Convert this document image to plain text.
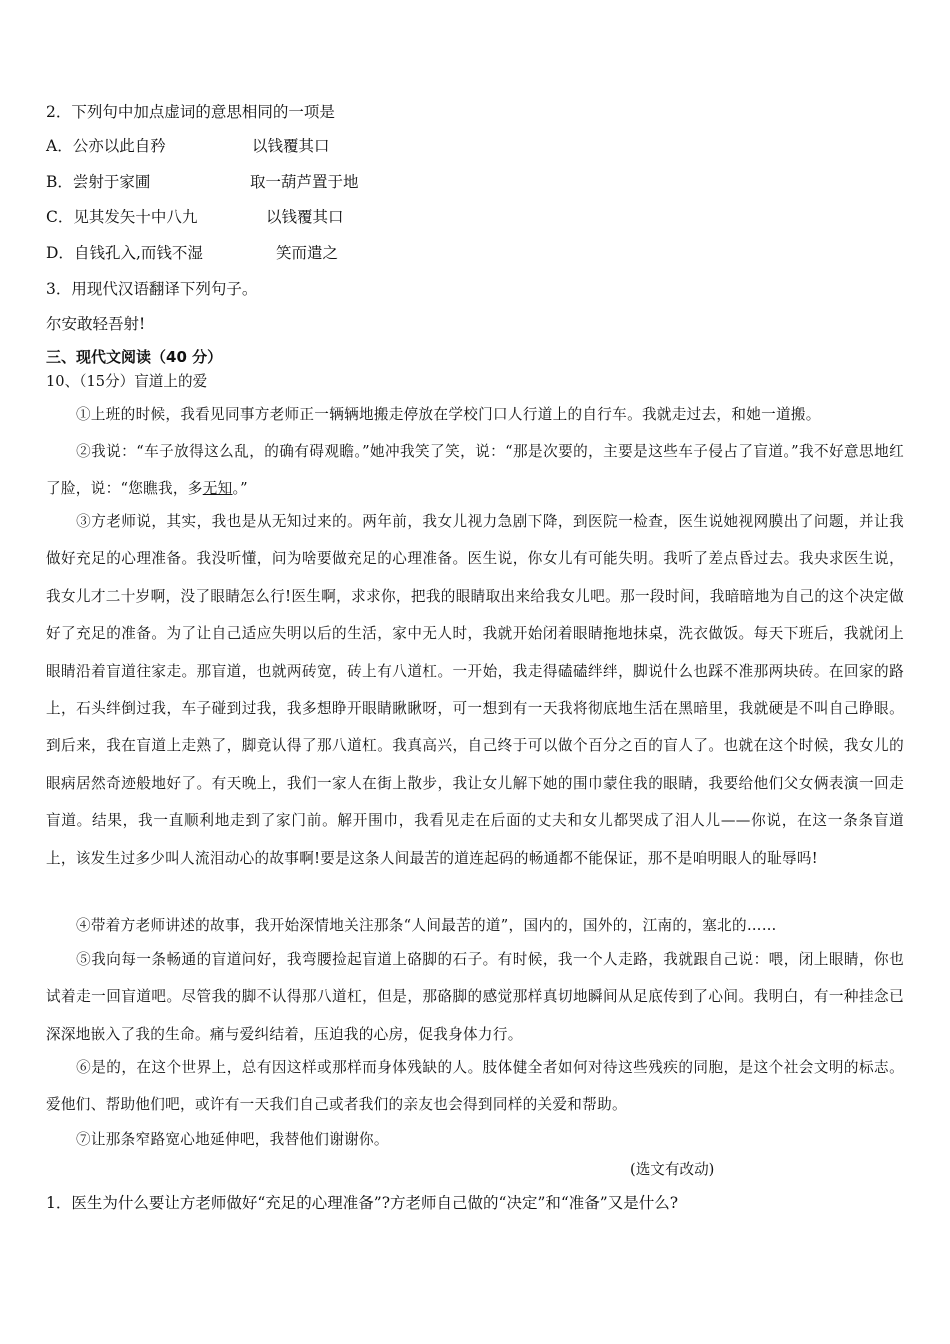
2．下列句中加点虚词的意思相同的一项是
A．公亦以此自矜	以钱覆其口
B．尝射于家圃	取一葫芦置于地
C．见其发矢十中八九	以钱覆其口
D．自钱孔入,而钱不湿	笑而遣之
3．用现代汉语翻译下列句子。
尔安敢轻吾射!
三、现代文阅读（40 分）
10、（15分）盲道上的爱
①上班的时候，我看见同事方老师正一辆辆地搬走停放在学校门口人行道上的自行车。我就走过去，和她一道搬。
②我说：“车子放得这么乱，的确有碍观瞻。”她冲我笑了笑，说：“那是次要的，主要是这些车子侵占了盲道。”我不好意思地红了脸，说：“您瞧我，多无知。”
③方老师说，其实，我也是从无知过来的。两年前，我女儿视力急剧下降，到医院一检查，医生说她视网膜出了问题，并让我做好充足的心理准备。我没听懂，问为啥要做充足的心理准备。医生说，你女儿有可能失明。我听了差点昏过去。我央求医生说，我女儿才二十岁啊，没了眼睛怎么行!医生啊，求求你，把我的眼睛取出来给我女儿吧。那一段时间，我暗暗地为自己的这个决定做好了充足的准备。为了让自己适应失明以后的生活，家中无人时，我就开始闭着眼睛拖地抹桌，洗衣做饭。每天下班后，我就闭上眼睛沿着盲道往家走。那盲道，也就两砖宽，砖上有八道杠。一开始，我走得磕磕绊绊，脚说什么也踩不准那两块砖。在回家的路上，石头绊倒过我，车子碰到过我，我多想睁开眼睛瞅瞅呀，可一想到有一天我将彻底地生活在黑暗里，我就硬是不叫自己睁眼。到后来，我在盲道上走熟了，脚竟认得了那八道杠。我真高兴，自己终于可以做个百分之百的盲人了。也就在这个时候，我女儿的眼病居然奇迹般地好了。有天晚上，我们一家人在街上散步，我让女儿解下她的围巾蒙住我的眼睛，我要给他们父女俩表演一回走盲道。结果，我一直顺利地走到了家门前。解开围巾，我看见走在后面的丈夫和女儿都哭成了泪人儿——你说，在这一条条盲道上，该发生过多少叫人流泪动心的故事啊!要是这条人间最苦的道连起码的畅通都不能保证，那不是咱明眼人的耻辱吗!
④带着方老师讲述的故事，我开始深情地关注那条“人间最苦的道”，国内的，国外的，江南的，塞北的……
⑤我向每一条畅通的盲道问好，我弯腰捡起盲道上硌脚的石子。有时候，我一个人走路，我就跟自己说：喂，闭上眼睛，你也试着走一回盲道吧。尽管我的脚不认得那八道杠，但是，那硌脚的感觉那样真切地瞬间从足底传到了心间。我明白，有一种挂念已深深地嵌入了我的生命。痛与爱纠结着，压迫我的心房，促我身体力行。
⑥是的，在这个世界上，总有因这样或那样而身体残缺的人。肢体健全者如何对待这些残疾的同胞，是这个社会文明的标志。爱他们、帮助他们吧，或许有一天我们自己或者我们的亲友也会得到同样的关爱和帮助。
⑦让那条窄路宽心地延伸吧，我替他们谢谢你。
(选文有改动)
1．医生为什么要让方老师做好“充足的心理准备”?方老师自己做的“决定”和“准备”又是什么?
